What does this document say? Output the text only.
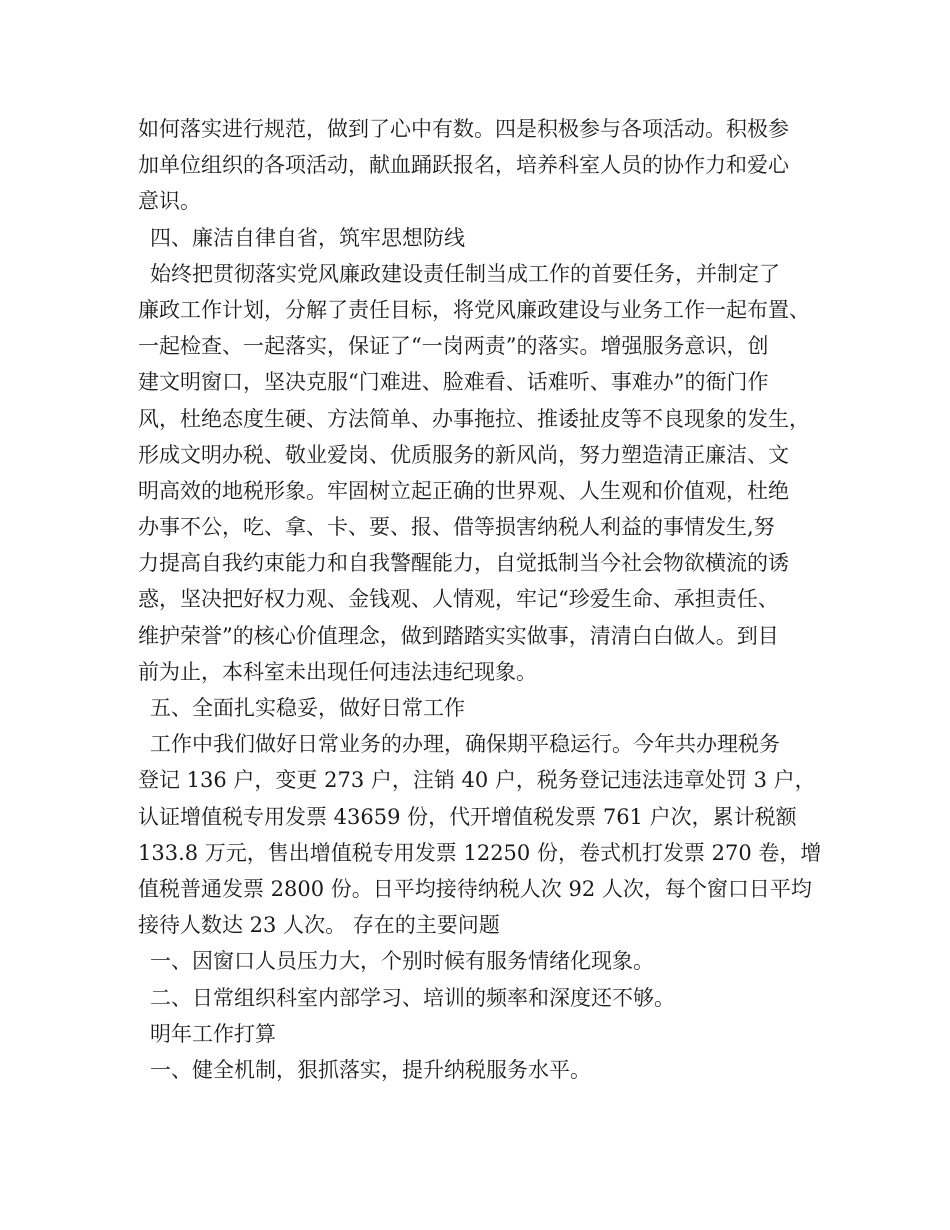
如何落实进行规范，做到了心中有数。四是积极参与各项活动。积极参
加单位组织的各项活动，献血踊跃报名，培养科室人员的协作力和爱心
意识。
四、廉洁自律自省，筑牢思想防线
始终把贯彻落实党风廉政建设责任制当成工作的首要任务，并制定了
廉政工作计划，分解了责任目标，将党风廉政建设与业务工作一起布置、
一起检查、一起落实，保证了“一岗两责”的落实。增强服务意识，创
建文明窗口，坚决克服“门难进、脸难看、话难听、事难办”的衙门作
风，杜绝态度生硬、方法简单、办事拖拉、推诿扯皮等不良现象的发生，
形成文明办税、敬业爱岗、优质服务的新风尚，努力塑造清正廉洁、文
明高效的地税形象。牢固树立起正确的世界观、人生观和价值观，杜绝
办事不公，吃、拿、卡、要、报、借等损害纳税人利益的事情发生,努
力提高自我约束能力和自我警醒能力，自觉抵制当今社会物欲横流的诱
惑，坚决把好权力观、金钱观、人情观，牢记“珍爱生命、承担责任、
维护荣誉”的核心价值理念，做到踏踏实实做事，清清白白做人。到目
前为止，本科室未出现任何违法违纪现象。
五、全面扎实稳妥，做好日常工作
工作中我们做好日常业务的办理，确保期平稳运行。今年共办理税务
登记 136 户，变更 273 户，注销 40 户，税务登记违法违章处罚 3 户，
认证增值税专用发票 43659 份，代开增值税发票 761 户次，累计税额
133.8 万元，售出增值税专用发票 12250 份，卷式机打发票 270 卷，增
值税普通发票 2800 份。日平均接待纳税人次 92 人次，每个窗口日平均
接待人数达 23 人次。 存在的主要问题
一、因窗口人员压力大，个别时候有服务情绪化现象。
二、日常组织科室内部学习、培训的频率和深度还不够。
明年工作打算
一、健全机制，狠抓落实，提升纳税服务水平。
